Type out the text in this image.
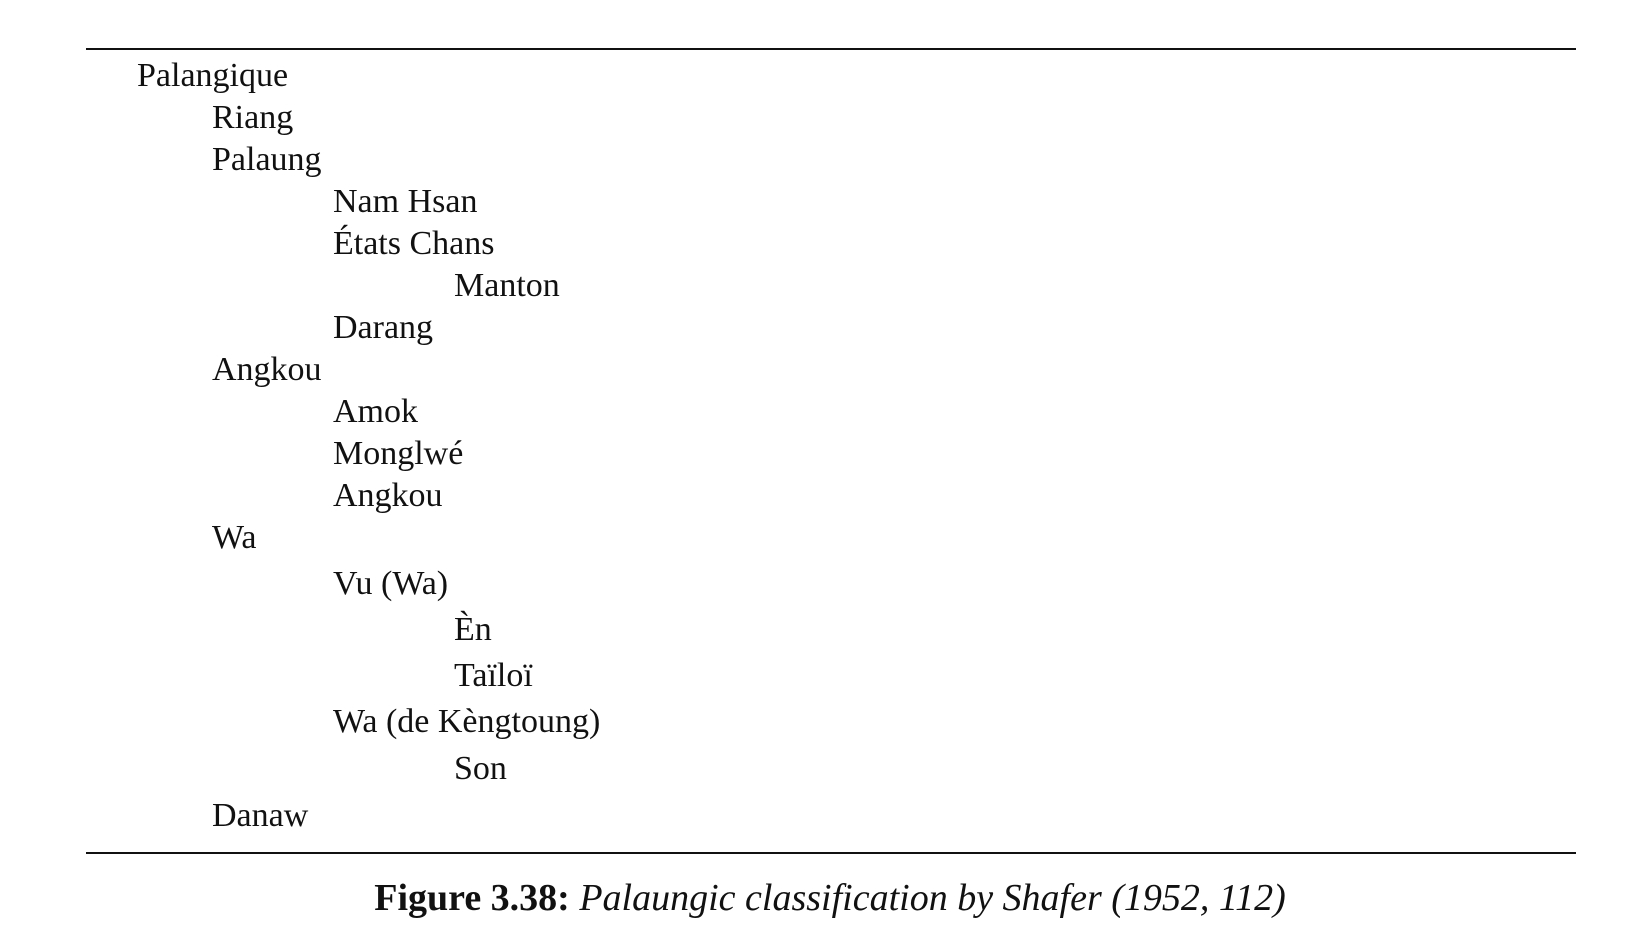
Palangique
Riang
Palaung
Nam Hsan
États Chans
Manton
Darang
Angkou
Amok
Monglwé
Angkou
Wa
Vu (Wa)
Èn
Taïloï
Wa (de Kèngtoung)
Son
Danaw
Figure 3.38: Palaungic classification by Shafer (1952, 112)
